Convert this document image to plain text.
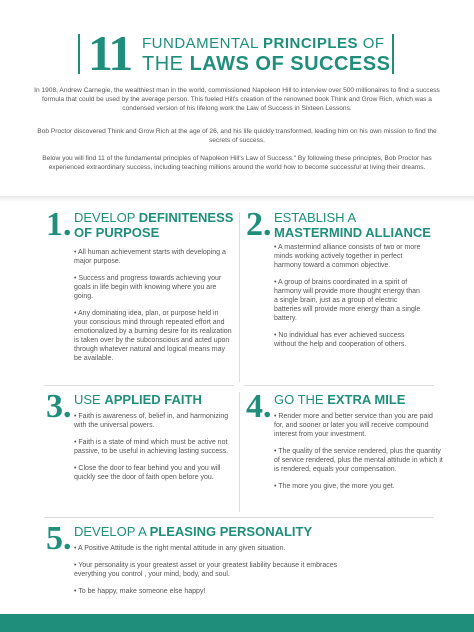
11 FUNDAMENTAL PRINCIPLES OF
THE LAWS OF SUCCESS
In 1908, Andrew Carnegie, the wealthiest man in the world, commissioned Napoleon Hill to interview over 500 millionaires to find a success formula that could be used by the average person. This fueled Hill's creation of the renowned book Think and Grow Rich, which was a condensed version of his lifelong work the Law of Success in Sixteen Lessons.
Bob Proctor discovered Think and Grow Rich at the age of 26, and his life quickly transformed, leading him on his own mission to find the secrets of success.
Below you will find 11 of the fundamental principles of Napoleon Hill's Law of Success." By following these principles, Bob Proctor has experienced extraordinary success, including teaching millions around the world how to become successful at living their dreams.
1. DEVELOP DEFINITENESS
OF PURPOSE

• All human achievement starts with developing a major purpose.

• Success and progress towards achieving your goals in life begin with knowing where you are going.

• Any dominating idea, plan, or purpose held in your conscious mind through repeated effort and emotionalized by a burning desire for its realization is taken over by the subconscious and acted upon through whatever natural and logical means may be available.

2. ESTABLISH A
MASTERMIND ALLIANCE

• A mastermind alliance consists of two or more minds working actively together in perfect harmony toward a common objective.

• A group of brains coordinated in a spirit of harmony will provide more thought energy than a single brain, just as a group of electric batteries will provide more energy than a single battery.

• No individual has ever achieved success without the help and cooperation of others.

3. USE APPLIED FAITH

• Faith is awareness of, belief in, and harmonizing with the universal powers.

• Faith is a state of mind which must be active not passive, to be useful in achieving lasting success.

• Close the door to fear behind you and you will quickly see the door of faith open before you.

4. GO THE EXTRA MILE

• Render more and better service than you are paid for, and sooner or later you will receive compound interest from your investment.

• The quality of the service rendered, plus the quantity of service rendered, plus the mental attitude in which it is rendered, equals your compensation.

• The more you give, the more you get.

5. DEVELOP A PLEASING PERSONALITY

• A Positive Attitude is the right mental attitude in any given situation.

• Your personality is your greatest asset or your greatest liability because it embraces everything you control , your mind, body, and soul.

• To be happy, make someone else happy!
